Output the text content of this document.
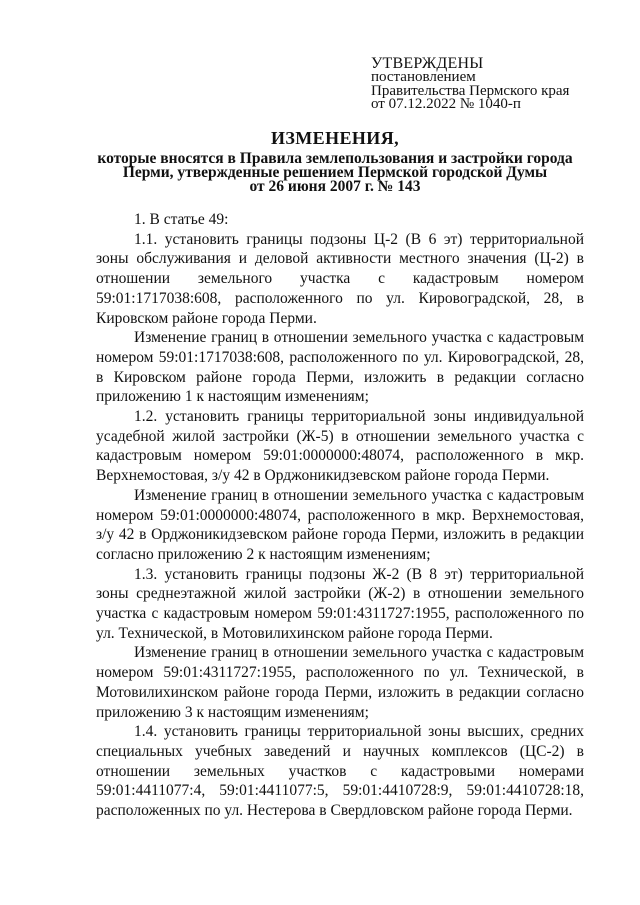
УТВЕРЖДЕНЫ
постановлением
Правительства Пермского края
от 07.12.2022 № 1040-п
ИЗМЕНЕНИЯ,
которые вносятся в Правила землепользования и застройки города
Перми, утвержденные решением Пермской городской Думы
от 26 июня 2007 г. № 143

1. В статье 49:

1.1. установить границы подзоны Ц-2 (В 6 эт) территориальной зоны обслуживания и деловой активности местного значения (Ц-2) в отношении земельного участка с кадастровым номером 59:01:1717038:608, расположенного по ул. Кировоградской, 28, в Кировском районе города Перми.

Изменение границ в отношении земельного участка с кадастровым номером 59:01:1717038:608, расположенного по ул. Кировоградской, 28, в Кировском районе города Перми, изложить в редакции согласно приложению 1 к настоящим изменениям;

1.2. установить границы территориальной зоны индивидуальной усадебной жилой застройки (Ж-5) в отношении земельного участка с кадастровым номером 59:01:0000000:48074, расположенного в мкр. Верхнемостовая, з/у 42 в Орджоникидзевском районе города Перми.

Изменение границ в отношении земельного участка с кадастровым номером 59:01:0000000:48074, расположенного в мкр. Верхнемостовая, з/у 42 в Орджоникидзевском районе города Перми, изложить в редакции согласно приложению 2 к настоящим изменениям;

1.3. установить границы подзоны Ж-2 (В 8 эт) территориальной зоны среднеэтажной жилой застройки (Ж-2) в отношении земельного участка с кадастровым номером 59:01:4311727:1955, расположенного по ул. Технической, в Мотовилихинском районе города Перми.

Изменение границ в отношении земельного участка с кадастровым номером 59:01:4311727:1955, расположенного по ул. Технической, в Мотовилихинском районе города Перми, изложить в редакции согласно приложению 3 к настоящим изменениям;

1.4. установить границы территориальной зоны высших, средних специальных учебных заведений и научных комплексов (ЦС-2) в отношении земельных участков с кадастровыми номерами 59:01:4411077:4, 59:01:4411077:5, 59:01:4410728:9, 59:01:4410728:18, расположенных по ул. Нестерова в Свердловском районе города Перми.
